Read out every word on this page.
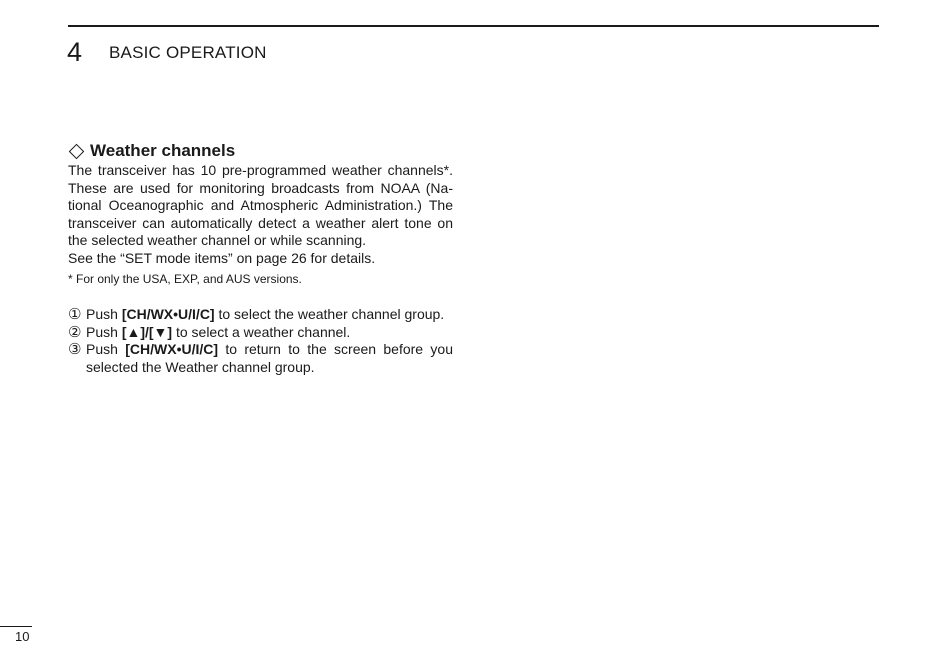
4 BASIC OPERATION
Weather channels

The transceiver has 10 pre-programmed weather channels*. These are used for monitoring broadcasts from NOAA (Na-tional Oceanographic and Atmospheric Administration.) The transceiver can automatically detect a weather alert tone on the selected weather channel or while scanning.

See the “SET mode items” on page 26 for details.

* For only the USA, EXP, and AUS versions.

① Push [CH/WX•U/I/C] to select the weather channel group.
② Push [▲]/[▼] to select a weather channel.
③ Push [CH/WX•U/I/C] to return to the screen before you selected the Weather channel group.
10
